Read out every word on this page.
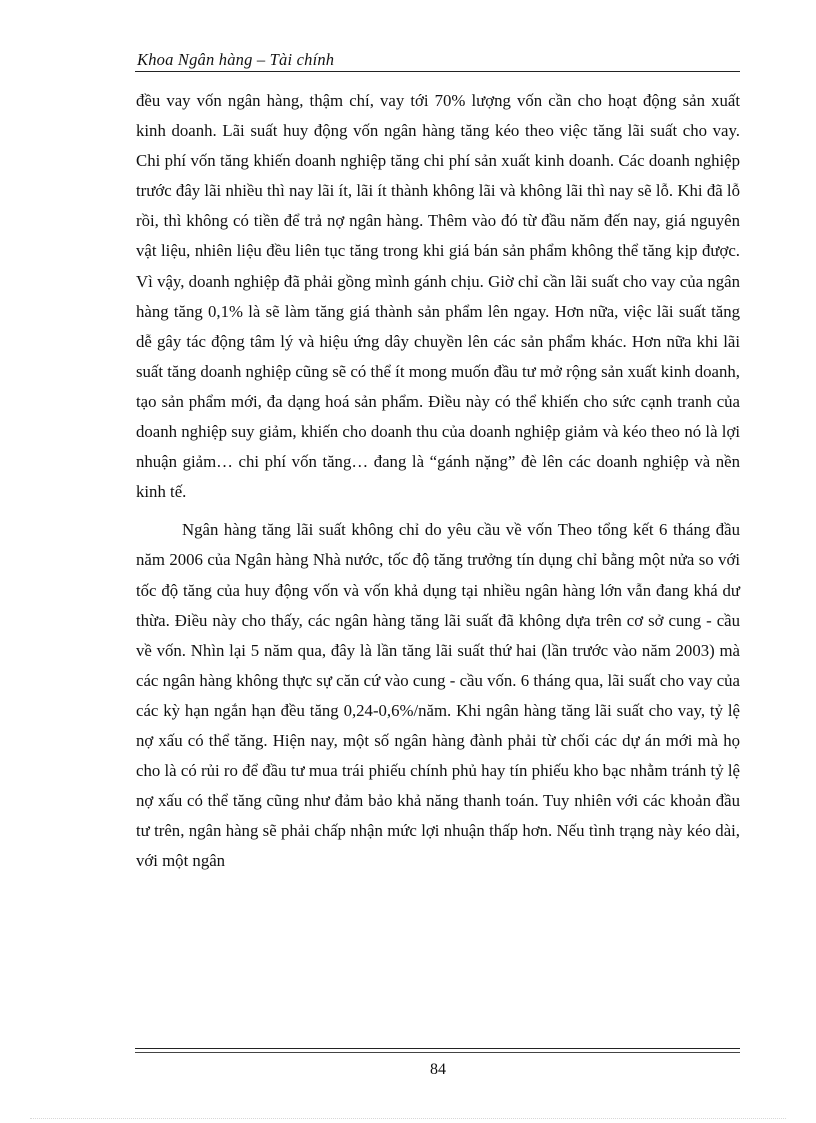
Khoa Ngân hàng – Tài chính

đều vay vốn ngân hàng, thậm chí, vay tới 70% lượng vốn cần cho hoạt động sản xuất kinh doanh. Lãi suất huy động vốn ngân hàng tăng kéo theo việc tăng lãi suất cho vay. Chi phí vốn tăng khiến doanh nghiệp tăng chi phí sản xuất kinh doanh. Các doanh nghiệp trước đây lãi nhiều thì nay lãi ít, lãi ít thành không lãi và không lãi thì nay sẽ lỗ. Khi đã lỗ rồi, thì không có tiền để trả nợ ngân hàng. Thêm vào đó từ đầu năm đến nay, giá nguyên vật liệu, nhiên liệu đều liên tục tăng trong khi giá bán sản phẩm không thể tăng kịp được. Vì vậy, doanh nghiệp đã phải gồng mình gánh chịu. Giờ chỉ cần lãi suất cho vay của ngân hàng tăng 0,1% là sẽ làm tăng giá thành sản phẩm lên ngay. Hơn nữa, việc lãi suất tăng dễ gây tác động tâm lý và hiệu ứng dây chuyền lên các sản phẩm khác. Hơn nữa khi lãi suất tăng doanh nghiệp cũng sẽ có thể ít mong muốn đầu tư mở rộng sản xuất kinh doanh, tạo sản phẩm mới, đa dạng hoá sản phẩm. Điều này có thể khiến cho sức cạnh tranh của doanh nghiệp suy giảm, khiến cho doanh thu của doanh nghiệp giảm và kéo theo nó là lợi nhuận giảm… chi phí vốn tăng… đang là “gánh nặng” đè lên các doanh nghiệp và nền kinh tế.

Ngân hàng tăng lãi suất không chỉ do yêu cầu về vốn Theo tổng kết 6 tháng đầu năm 2006 của Ngân hàng Nhà nước, tốc độ tăng trưởng tín dụng chỉ bằng một nửa so với tốc độ tăng của huy động vốn và vốn khả dụng tại nhiều ngân hàng lớn vẫn đang khá dư thừa. Điều này cho thấy, các ngân hàng tăng lãi suất đã không dựa trên cơ sở cung - cầu về vốn. Nhìn lại 5 năm qua, đây là lần tăng lãi suất thứ hai (lần trước vào năm 2003) mà các ngân hàng không thực sự căn cứ vào cung - cầu vốn. 6 tháng qua, lãi suất cho vay của các kỳ hạn ngắn hạn đều tăng 0,24-0,6%/năm. Khi ngân hàng tăng lãi suất cho vay, tỷ lệ nợ xấu có thể tăng. Hiện nay, một số ngân hàng đành phải từ chối các dự án mới mà họ cho là có rủi ro để đầu tư mua trái phiếu chính phủ hay tín phiếu kho bạc nhằm tránh tỷ lệ nợ xấu có thể tăng cũng như đảm bảo khả năng thanh toán. Tuy nhiên với các khoản đầu tư trên, ngân hàng sẽ phải chấp nhận mức lợi nhuận thấp hơn. Nếu tình trạng này kéo dài, với một ngân

84
